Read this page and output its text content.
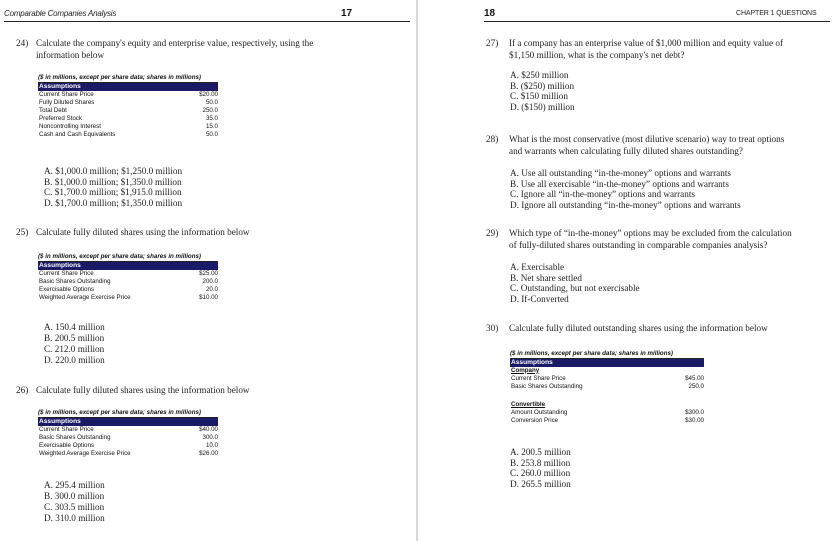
Comparable Companies Analysis	17
24) Calculate the company's equity and enterprise value, respectively, using the
information below
($ in millions, except per share data; shares in millions)
Assumptions
Current Share Price	$20.00
Fully Diluted Shares	50.0
Total Debt	250.0
Preferred Stock	35.0
Noncontrolling Interest	15.0
Cash and Cash Equivalents	50.0
A. $1,000.0 million; $1,250.0 million
B. $1,000.0 million; $1,350.0 million
C. $1,700.0 million; $1,915.0 million
D. $1,700.0 million; $1,350.0 million
25) Calculate fully diluted shares using the information below
($ in millions, except per share data; shares in millions)
Assumptions
Current Share Price	$25.00
Basic Shares Outstanding	200.0
Exercisable Options	20.0
Weighted Average Exercise Price	$10.00
A. 150.4 million
B. 200.5 million
C. 212.0 million
D. 220.0 million
26) Calculate fully diluted shares using the information below
($ in millions, except per share data; shares in millions)
Assumptions
Current Share Price	$40.00
Basic Shares Outstanding	300.0
Exercisable Options	10.0
Weighted Average Exercise Price	$26.00
A. 295.4 million
B. 300.0 million
C. 303.5 million
D. 310.0 million
18	CHAPTER 1 QUESTIONS
27) If a company has an enterprise value of $1,000 million and equity value of
$1,150 million, what is the company's net debt?
A. $250 million
B. ($250) million
C. $150 million
D. ($150) million
28) What is the most conservative (most dilutive scenario) way to treat options
and warrants when calculating fully diluted shares outstanding?
A. Use all outstanding “in-the-money” options and warrants
B. Use all exercisable “in-the-money” options and warrants
C. Ignore all “in-the-money” options and warrants
D. Ignore all outstanding “in-the-money” options and warrants
29) Which type of “in-the-money” options may be excluded from the calculation
of fully-diluted shares outstanding in comparable companies analysis?
A. Exercisable
B. Net share settled
C. Outstanding, but not exercisable
D. If-Converted
30) Calculate fully diluted outstanding shares using the information below
($ in millions, except per share data; shares in millions)
Assumptions
Company
Current Share Price	$45.00
Basic Shares Outstanding	250.0
Convertible
Amount Outstanding	$300.0
Conversion Price	$30.00
A. 200.5 million
B. 253.8 million
C. 260.0 million
D. 265.5 million
